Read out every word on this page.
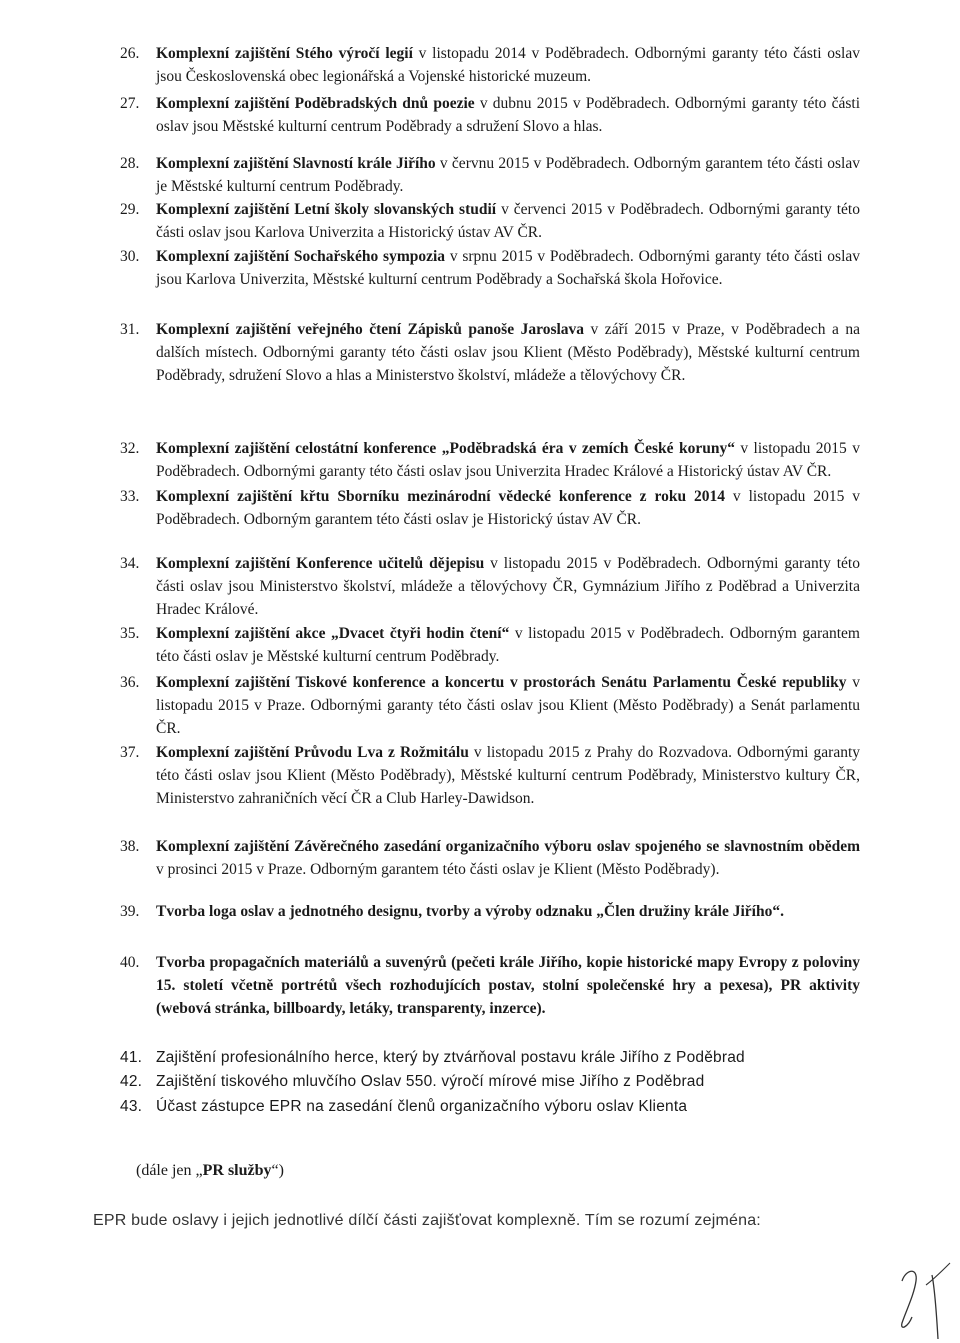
26.	Komplexní zajištění Stého výročí legií v listopadu 2014 v Poděbradech. Odbornými garanty této části oslav jsou Československá obec legionářská a Vojenské historické muzeum.
27.	Komplexní zajištění Poděbradských dnů poezie v dubnu 2015 v Poděbradech. Odbornými garanty této části oslav jsou Městské kulturní centrum Poděbrady a sdružení Slovo a hlas.
28.	Komplexní zajištění Slavností krále Jiřího v červnu 2015 v Poděbradech. Odborným garantem této části oslav je Městské kulturní centrum Poděbrady.
29.	Komplexní zajištění Letní školy slovanských studií v červenci 2015 v Poděbradech. Odbornými garanty této části oslav jsou Karlova Univerzita a Historický ústav AV ČR.
30.	Komplexní zajištění Sochařského sympozia v srpnu 2015 v Poděbradech. Odbornými garanty této části oslav jsou Karlova Univerzita, Městské kulturní centrum Poděbrady a Sochařská škola Hořovice.
31.	Komplexní zajištění veřejného čtení Zápisků panoše Jaroslava v září 2015 v Praze, v Poděbradech a na dalších místech. Odbornými garanty této části oslav jsou Klient (Město Poděbrady), Městské kulturní centrum Poděbrady, sdružení Slovo a hlas a Ministerstvo školství, mládeže a tělovýchovy ČR.
32.	Komplexní zajištění celostátní konference „Poděbradská éra v zemích České koruny“ v listopadu 2015 v Poděbradech. Odbornými garanty této části oslav jsou Univerzita Hradec Králové a Historický ústav AV ČR.
33.	Komplexní zajištění křtu Sborníku mezinárodní vědecké konference z roku 2014 v listopadu 2015 v Poděbradech. Odborným garantem této části oslav je Historický ústav AV ČR.
34.	Komplexní zajištění Konference učitelů dějepisu v listopadu 2015 v Poděbradech. Odbornými garanty této části oslav jsou Ministerstvo školství, mládeže a tělovýchovy ČR, Gymnázium Jiřího z Poděbrad a Univerzita Hradec Králové.
35.	Komplexní zajištění akce „Dvacet čtyři hodin čtení“ v listopadu 2015 v Poděbradech. Odborným garantem této části oslav je Městské kulturní centrum Poděbrady.
36.	Komplexní zajištění Tiskové konference a koncertu v prostorách Senátu Parlamentu České republiky v listopadu 2015 v Praze. Odbornými garanty této části oslav jsou Klient (Město Poděbrady) a Senát parlamentu ČR.
37.	Komplexní zajištění Průvodu Lva z Rožmitálu v listopadu 2015 z Prahy do Rozvadova. Odbornými garanty této části oslav jsou Klient (Město Poděbrady), Městské kulturní centrum Poděbrady, Ministerstvo kultury ČR, Ministerstvo zahraničních věcí ČR a Club Harley-Dawidson.
38.	Komplexní zajištění Závěrečného zasedání organizačního výboru oslav spojeného se slavnostním obědem v prosinci 2015 v Praze. Odborným garantem této části oslav je Klient (Město Poděbrady).
39.	Tvorba loga oslav a jednotného designu, tvorby a výroby odznaku „Člen družiny krále Jiřího“.
40.	Tvorba propagačních materiálů a suvenýrů (pečeti krále Jiřího, kopie historické mapy Evropy z poloviny 15. století včetně portrétů všech rozhodujících postav, stolní společenské hry a pexesa), PR aktivity (webová stránka, billboardy, letáky, transparenty, inzerce).
41. Zajištění profesionálního herce, který by ztvárňoval postavu krále Jiřího z Poděbrad
42. Zajištění tiskového mluvčího Oslav 550. výročí mírové mise Jiřího z Poděbrad
43. Účast zástupce EPR na zasedání členů organizačního výboru oslav Klienta
(dále jen „PR služby“)
EPR bude oslavy i jejich jednotlivé dílčí části zajišťovat komplexně. Tím se rozumí zejména:
